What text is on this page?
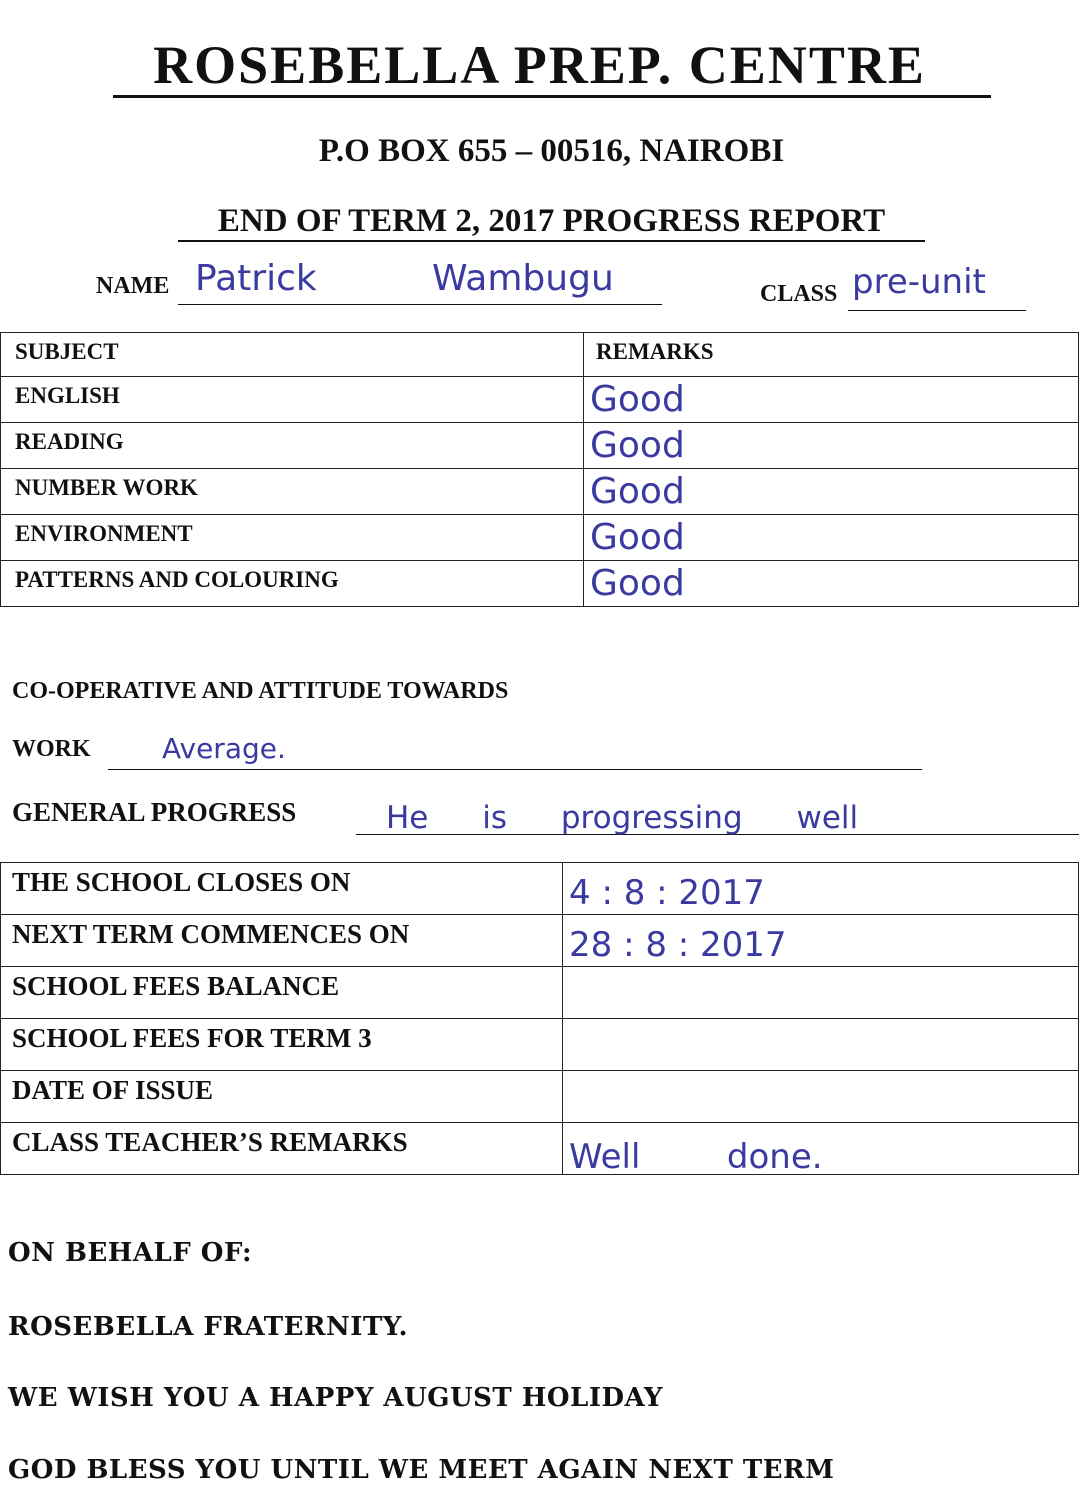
ROSEBELLA PREP. CENTRE
P.O BOX 655 – 00516, NAIROBI
END OF TERM 2, 2017 PROGRESS REPORT
NAME Patrick	Wambugu	CLASS pre-unit
SUBJECT	REMARKS
ENGLISH	Good

READING	Good

NUMBER WORK	Good

ENVIRONMENT	Good

PATTERNS AND COLOURING	Good
CO-OPERATIVE AND ATTITUDE TOWARDS
WORK	Average.
GENERAL PROGRESS	He is progressing well
THE SCHOOL CLOSES ON	4 : 8 : 2017

NEXT TERM COMMENCES ON	28 : 8 : 2017

SCHOOL FEES BALANCE	

SCHOOL FEES FOR TERM 3	

DATE OF ISSUE	

CLASS TEACHER’S REMARKS	Well        done.
ON BEHALF OF:
ROSEBELLA FRATERNITY.
WE WISH YOU A HAPPY AUGUST HOLIDAY
GOD BLESS YOU UNTIL WE MEET AGAIN NEXT TERM
